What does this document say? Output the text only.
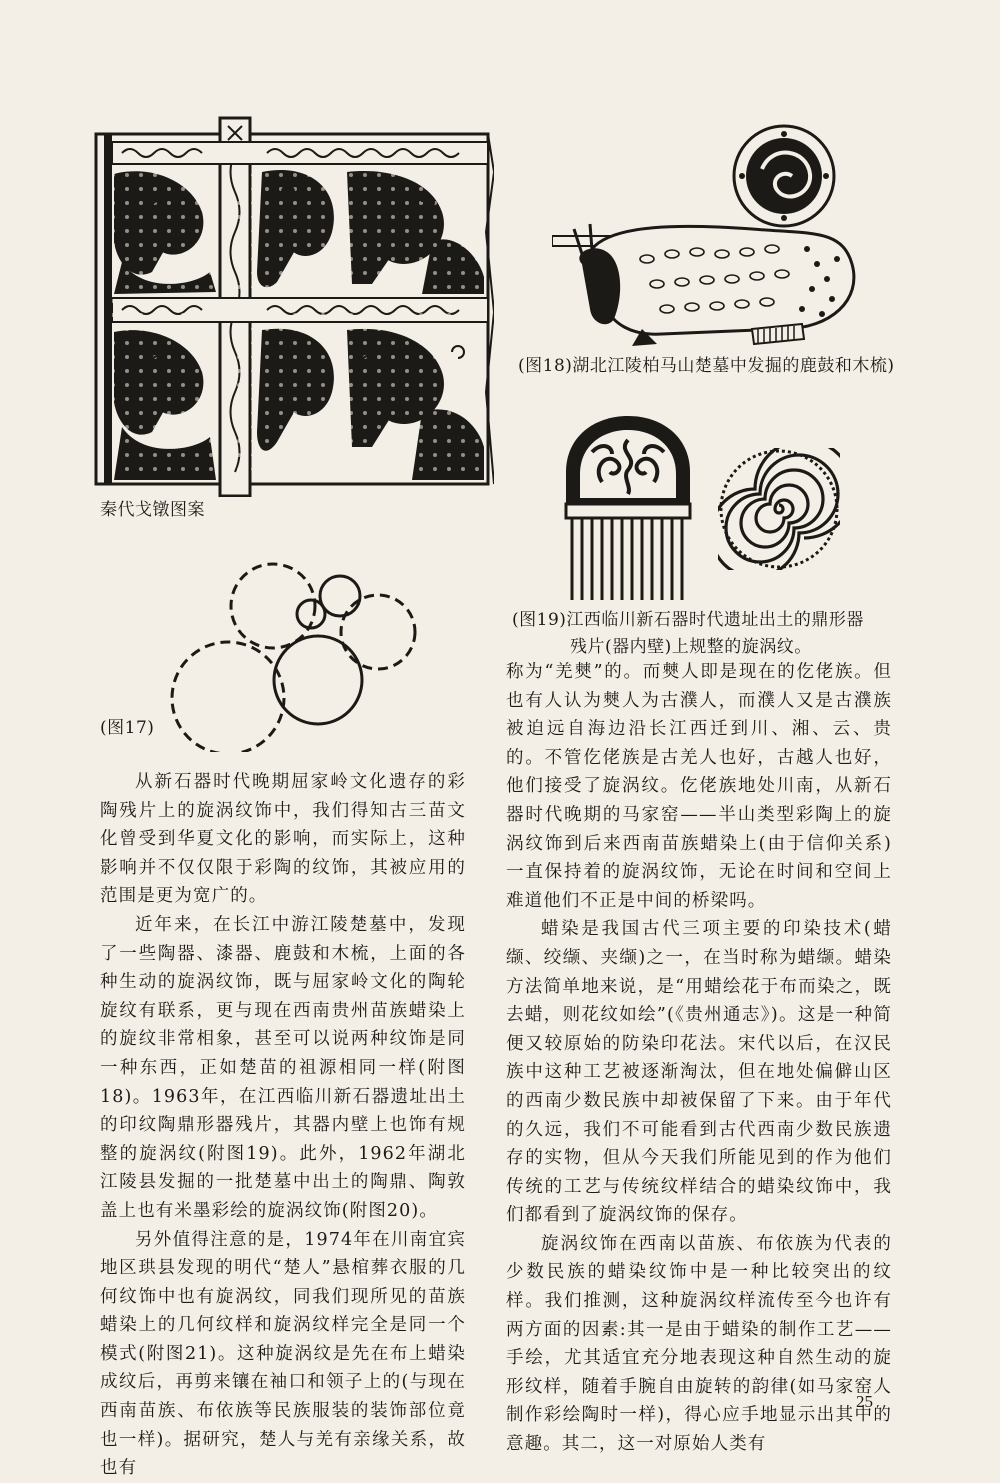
秦代戈镦图案
(图17)
(图18)湖北江陵柏马山楚墓中发掘的鹿鼓和木梳)
(图19)江西临川新石器时代遗址出土的鼎形器
残片(器内壁)上规整的旋涡纹。

从新石器时代晚期屈家岭文化遗存的彩陶残片上的旋涡纹饰中，我们得知古三苗文化曾受到华夏文化的影响，而实际上，这种影响并不仅仅限于彩陶的纹饰，其被应用的范围是更为宽广的。

近年来，在长江中游江陵楚墓中，发现了一些陶器、漆器、鹿鼓和木梳，上面的各种生动的旋涡纹饰，既与屈家岭文化的陶轮旋纹有联系，更与现在西南贵州苗族蜡染上的旋纹非常相象，甚至可以说两种纹饰是同一种东西，正如楚苗的祖源相同一样(附图18)。1963年，在江西临川新石器遗址出土的印纹陶鼎形器残片，其器内壁上也饰有规整的旋涡纹(附图19)。此外，1962年湖北江陵县发掘的一批楚墓中出土的陶鼎、陶敦盖上也有米墨彩绘的旋涡纹饰(附图20)。

另外值得注意的是，1974年在川南宜宾地区珙县发现的明代“楚人”悬棺葬衣服的几何纹饰中也有旋涡纹，同我们现所见的苗族蜡染上的几何纹样和旋涡纹样完全是同一个模式(附图21)。这种旋涡纹是先在布上蜡染成纹后，再剪来镶在袖口和领子上的(与现在西南苗族、布依族等民族服装的装饰部位竟也一样)。据研究，楚人与羌有亲缘关系，故也有

称为“羌僰”的。而僰人即是现在的仡佬族。但也有人认为僰人为古濮人，而濮人又是古濮族被迫远自海边沿长江西迁到川、湘、云、贵的。不管仡佬族是古羌人也好，古越人也好，他们接受了旋涡纹。仡佬族地处川南，从新石器时代晚期的马家窑——半山类型彩陶上的旋涡纹饰到后来西南苗族蜡染上(由于信仰关系)一直保持着的旋涡纹饰，无论在时间和空间上难道他们不正是中间的桥梁吗。

蜡染是我国古代三项主要的印染技术(蜡缬、绞缬、夹缬)之一，在当时称为蜡缬。蜡染方法简单地来说，是“用蜡绘花于布而染之，既去蜡，则花纹如绘”(《贵州通志》)。这是一种简便又较原始的防染印花法。宋代以后，在汉民族中这种工艺被逐渐淘汰，但在地处偏僻山区的西南少数民族中却被保留了下来。由于年代的久远，我们不可能看到古代西南少数民族遗存的实物，但从今天我们所能见到的作为他们传统的工艺与传统纹样结合的蜡染纹饰中，我们都看到了旋涡纹饰的保存。

旋涡纹饰在西南以苗族、布依族为代表的少数民族的蜡染纹饰中是一种比较突出的纹样。我们推测，这种旋涡纹样流传至今也许有两方面的因素:其一是由于蜡染的制作工艺——手绘，尤其适宜充分地表现这种自然生动的旋形纹样，随着手腕自由旋转的韵律(如马家窑人制作彩绘陶时一样)，得心应手地显示出其中的意趣。其二，这一对原始人类有

25
